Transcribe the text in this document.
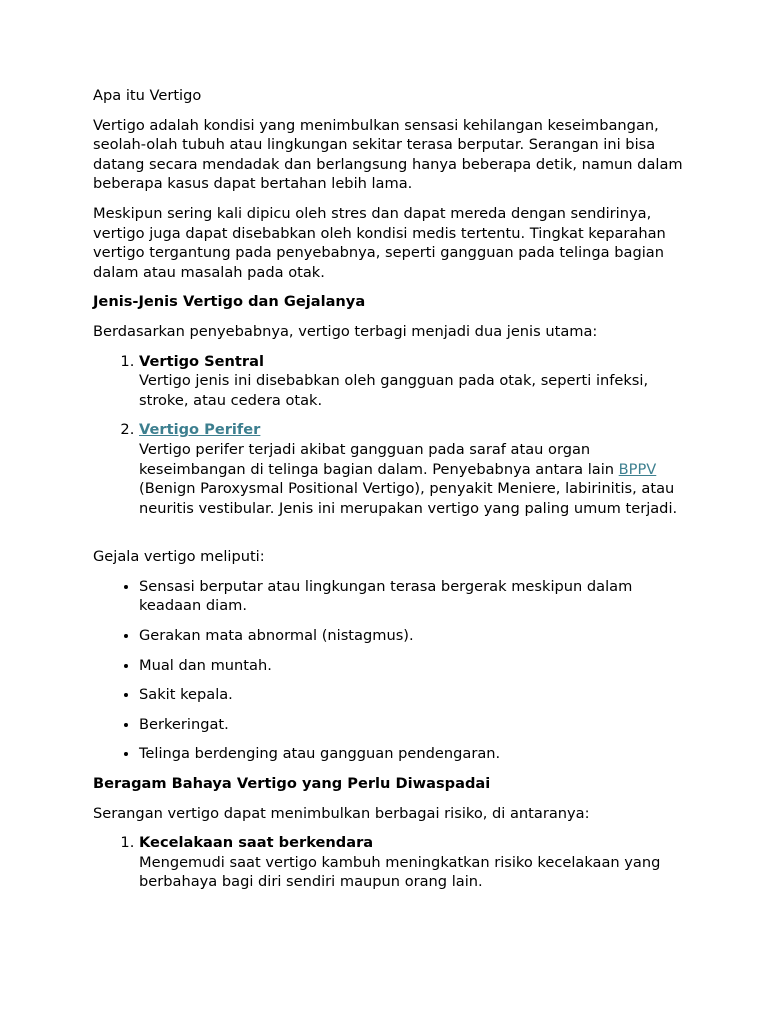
Apa itu Vertigo

Vertigo adalah kondisi yang menimbulkan sensasi kehilangan keseimbangan, seolah-olah tubuh atau lingkungan sekitar terasa berputar. Serangan ini bisa datang secara mendadak dan berlangsung hanya beberapa detik, namun dalam beberapa kasus dapat bertahan lebih lama.

Meskipun sering kali dipicu oleh stres dan dapat mereda dengan sendirinya, vertigo juga dapat disebabkan oleh kondisi medis tertentu. Tingkat keparahan vertigo tergantung pada penyebabnya, seperti gangguan pada telinga bagian dalam atau masalah pada otak.

Jenis-Jenis Vertigo dan Gejalanya

Berdasarkan penyebabnya, vertigo terbagi menjadi dua jenis utama:

1. Vertigo Sentral
Vertigo jenis ini disebabkan oleh gangguan pada otak, seperti infeksi, stroke, atau cedera otak.
2. Vertigo Perifer
Vertigo perifer terjadi akibat gangguan pada saraf atau organ keseimbangan di telinga bagian dalam. Penyebabnya antara lain BPPV (Benign Paroxysmal Positional Vertigo), penyakit Meniere, labirinitis, atau neuritis vestibular. Jenis ini merupakan vertigo yang paling umum terjadi.

Gejala vertigo meliputi:

• Sensasi berputar atau lingkungan terasa bergerak meskipun dalam keadaan diam.
• Gerakan mata abnormal (nistagmus).
• Mual dan muntah.
• Sakit kepala.
• Berkeringat.
• Telinga berdenging atau gangguan pendengaran.

Beragam Bahaya Vertigo yang Perlu Diwaspadai

Serangan vertigo dapat menimbulkan berbagai risiko, di antaranya:

1. Kecelakaan saat berkendara
Mengemudi saat vertigo kambuh meningkatkan risiko kecelakaan yang berbahaya bagi diri sendiri maupun orang lain.
